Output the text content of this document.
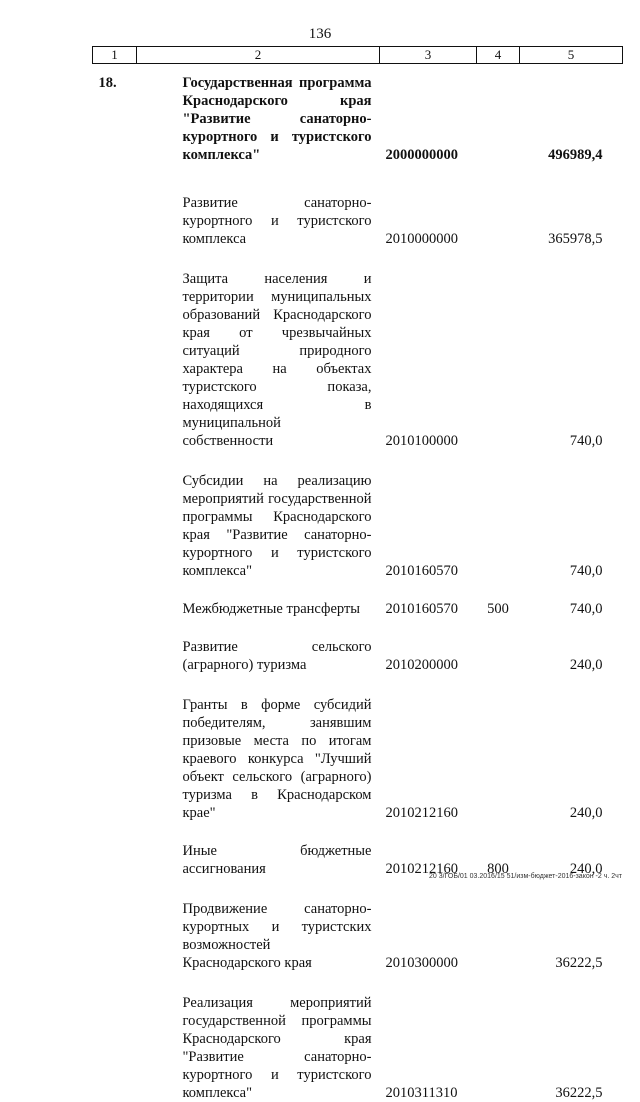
136
1	2	3	4	5
18.	Государственная программа Краснодарского края "Развитие санаторно-курортного и туристского комплекса"	2000000000		496989,4
	Развитие санаторно-курортного и туристского комплекса	2010000000		365978,5
	Защита населения и территории муниципальных образований Краснодарского края от чрезвычайных ситуаций природного характера на объектах туристского показа, находящихся в муниципальной собственности	2010100000		740,0
	Субсидии на реализацию мероприятий государственной программы Краснодарского края "Развитие санаторно-курортного и туристского комплекса"	2010160570		740,0
	Межбюджетные трансферты	2010160570	500	740,0
	Развитие сельского (аграрного) туризма	2010200000		240,0
	Гранты в форме субсидий победителям, занявшим призовые места по итогам краевого конкурса "Лучший объект сельского (аграрного) туризма в Краснодарском крае"	2010212160		240,0
	Иные бюджетные ассигнования	2010212160	800	240,0
	Продвижение санаторно-курортных и туристских возможностей Краснодарского края	2010300000		36222,5
	Реализация мероприятий государственной программы Краснодарского края "Развитие санаторно-курортного и туристского комплекса"	2010311310		36222,5
20 3/ГОБ/01 03.2016/15 51/изм-бюджет-2016-закон -2 ч. 2чт
